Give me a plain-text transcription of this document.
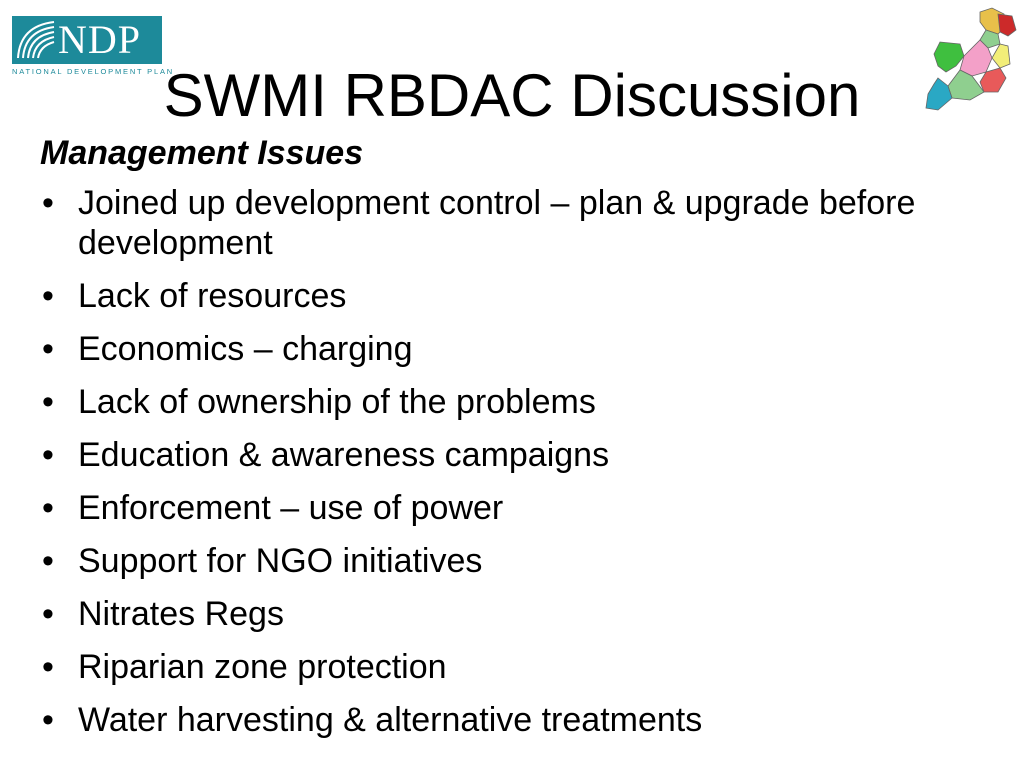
NDP
NATIONAL DEVELOPMENT PLAN
SWMI RBDAC Discussion
Management Issues
• Joined up development control – plan & upgrade before development
• Lack of resources
• Economics – charging
• Lack of ownership of the problems
• Education & awareness campaigns
• Enforcement – use of power
• Support for NGO initiatives
• Nitrates Regs
• Riparian zone protection
• Water harvesting & alternative treatments
